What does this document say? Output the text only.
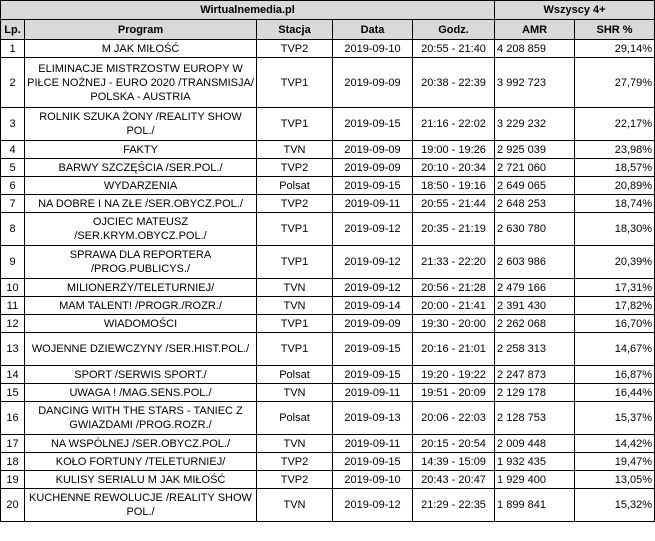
Wirtualnemedia.pl					Wszyscy 4+	
Lp.	Program	Stacja	Data	Godz.	AMR	SHR %
1	M JAK MIŁOŚĆ	TVP2	2019-09-10	20:55 - 21:40	4 208 859	29,14%
2	ELIMINACJE MISTRZOSTW EUROPY W PIŁCE NOŻNEJ - EURO 2020 /TRANSMISJA/ POLSKA - AUSTRIA	TVP1	2019-09-09	20:38 - 22:39	3 992 723	27,79%
3	ROLNIK SZUKA ŻONY /REALITY SHOW POL./	TVP1	2019-09-15	21:16 - 22:02	3 229 232	22,17%
4	FAKTY	TVN	2019-09-09	19:00 - 19:26	2 925 039	23,98%
5	BARWY SZCZĘŚCIA /SER.POL./	TVP2	2019-09-09	20:10 - 20:34	2 721 060	18,57%
6	WYDARZENIA	Polsat	2019-09-15	18:50 - 19:16	2 649 065	20,89%
7	NA DOBRE I NA ZŁE /SER.OBYCZ.POL./	TVP2	2019-09-11	20:55 - 21:44	2 648 253	18,74%
8	OJCIEC MATEUSZ /SER.KRYM.OBYCZ.POL./	TVP1	2019-09-12	20:35 - 21:19	2 630 780	18,30%
9	SPRAWA DLA REPORTERA /PROG.PUBLICYS./	TVP1	2019-09-12	21:33 - 22:20	2 603 986	20,39%
10	MILIONERZY/TELETURNIEJ/	TVN	2019-09-12	20:56 - 21:28	2 479 166	17,31%
11	MAM TALENT! /PROGR./ROZR./	TVN	2019-09-14	20:00 - 21:41	2 391 430	17,82%
12	WIADOMOŚCI	TVP1	2019-09-09	19:30 - 20:00	2 262 068	16,70%
13	WOJENNE DZIEWCZYNY /SER.HIST.POL./	TVP1	2019-09-15	20:16 - 21:01	2 258 313	14,67%
14	SPORT /SERWIS SPORT./	Polsat	2019-09-15	19:20 - 19:22	2 247 873	16,87%
15	UWAGA ! /MAG.SENS.POL./	TVN	2019-09-11	19:51 - 20:09	2 129 178	16,44%
16	DANCING WITH THE STARS - TANIEC Z GWIAZDAMI /PROG.ROZR./	Polsat	2019-09-13	20:06 - 22:03	2 128 753	15,37%
17	NA WSPÓLNEJ /SER.OBYCZ.POL./	TVN	2019-09-11	20:15 - 20:54	2 009 448	14,42%
18	KOŁO FORTUNY /TELETURNIEJ/	TVP2	2019-09-15	14:39 - 15:09	1 932 435	19,47%
19	KULISY SERIALU M JAK MIŁOŚĆ	TVP2	2019-09-10	20:43 - 20:47	1 929 400	13,05%
20	KUCHENNE REWOLUCJE /REALITY SHOW POL./	TVN	2019-09-12	21:29 - 22:35	1 899 841	15,32%
